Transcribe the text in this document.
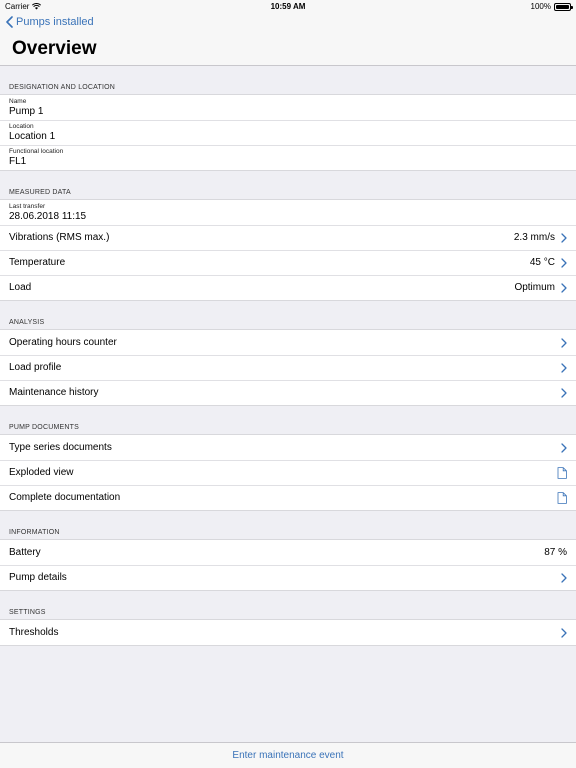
Carrier	10:59 AM	100%
Pumps installed
Overview
DESIGNATION AND LOCATION
Name
Pump 1
Location
Location 1
Functional location
FL1
MEASURED DATA
Last transfer
28.06.2018 11:15
Vibrations (RMS max.)	2.3 mm/s
Temperature	45 °C
Load	Optimum
ANALYSIS
Operating hours counter
Load profile
Maintenance history
PUMP DOCUMENTS
Type series documents
Exploded view
Complete documentation
INFORMATION
Battery	87 %
Pump details
SETTINGS
Thresholds
Enter maintenance event
